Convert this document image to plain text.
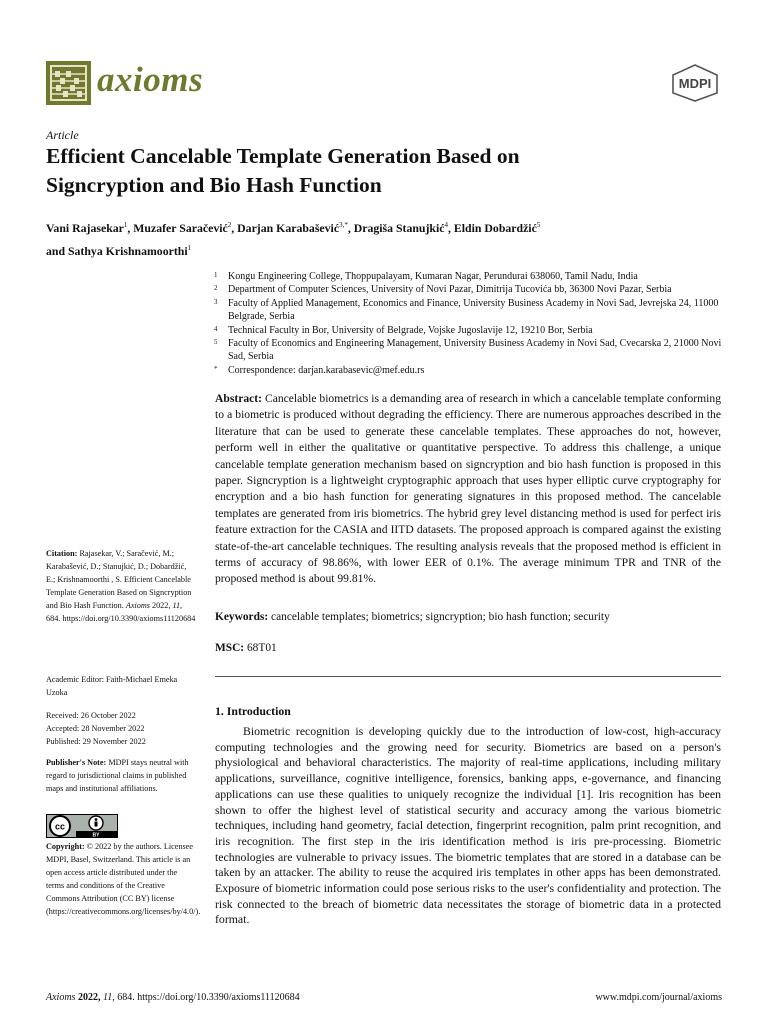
axioms	MDPI
Article
Efficient Cancelable Template Generation Based on
Signcryption and Bio Hash Function
Vani Rajasekar$^1$, Muzafer Saračević$^2$, Darjan Karabašević$^{3,*}$, Dragiša Stanujkić$^4$, Eldin Dobardžić$^5$
and Sathya Krishnamoorthi$^1$
1 Kongu Engineering College, Thoppupalayam, Kumaran Nagar, Perundurai 638060, Tamil Nadu, India
2 Department of Computer Sciences, University of Novi Pazar, Dimitrija Tucovića bb, 36300 Novi Pazar, Serbia
3 Faculty of Applied Management, Economics and Finance, University Business Academy in Novi Sad, Jevrejska 24, 11000 Belgrade, Serbia
4 Technical Faculty in Bor, University of Belgrade, Vojske Jugoslavije 12, 19210 Bor, Serbia
5 Faculty of Economics and Engineering Management, University Business Academy in Novi Sad, Cvecarska 2, 21000 Novi Sad, Serbia
* Correspondence: darjan.karabasevic@mef.edu.rs
Abstract: Cancelable biometrics is a demanding area of research in which a cancelable template conforming to a biometric is produced without degrading the efficiency. There are numerous approaches described in the literature that can be used to generate these cancelable templates. These approaches do not, however, perform well in either the qualitative or quantitative perspective. To address this challenge, a unique cancelable template generation mechanism based on signcryption and bio hash function is proposed in this paper. Signcryption is a lightweight cryptographic approach that uses hyper elliptic curve cryptography for encryption and a bio hash function for generating signatures in this proposed method. The cancelable templates are generated from iris biometrics. The hybrid grey level distancing method is used for perfect iris feature extraction for the CASIA and IITD datasets. The proposed approach is compared against the existing state-of-the-art cancelable techniques. The resulting analysis reveals that the proposed method is efficient in terms of accuracy of 98.86%, with lower EER of 0.1%. The average minimum TPR and TNR of the proposed method is about 99.81%.
Keywords: cancelable templates; biometrics; signcryption; bio hash function; security
MSC: 68T01
Citation: Rajasekar, V.; Saračević, M.; Karabašević, D.; Stanujkić, D.; Dobardžić, E.; Krishnamoorthi , S. Efficient Cancelable Template Generation Based on Signcryption and Bio Hash Function. Axioms 2022, 11, 684. https://doi.org/10.3390/axioms11120684
Academic Editor: Faith-Michael Emeka Uzoka
Received: 26 October 2022
Accepted: 28 November 2022
Published: 29 November 2022
Publisher's Note: MDPI stays neutral with regard to jurisdictional claims in published maps and institutional affiliations.
cc
BY
Copyright: © 2022 by the authors. Licensee MDPI, Basel, Switzerland. This article is an open access article distributed under the terms and conditions of the Creative Commons Attribution (CC BY) license (https://creativecommons.org/licenses/by/4.0/).
1. Introduction
Biometric recognition is developing quickly due to the introduction of low-cost, high-accuracy computing technologies and the growing need for security. Biometrics are based on a person's physiological and behavioral characteristics. The majority of real-time applications, including military applications, surveillance, cognitive intelligence, forensics, banking apps, e-governance, and financing applications can use these qualities to uniquely recognize the individual [1]. Iris recognition has been shown to offer the highest level of statistical security and accuracy among the various biometric techniques, including hand geometry, facial detection, fingerprint recognition, palm print recognition, and iris recognition. The first step in the iris identification method is iris pre-processing. Biometric technologies are vulnerable to privacy issues. The biometric templates that are stored in a database can be taken by an attacker. The ability to reuse the acquired iris templates in other apps has been demonstrated. Exposure of biometric information could pose serious risks to the user's confidentiality and protection. The risk connected to the breach of biometric data necessitates the storage of biometric data in a protected format.
Axioms 2022, 11, 684. https://doi.org/10.3390/axioms11120684	www.mdpi.com/journal/axioms
